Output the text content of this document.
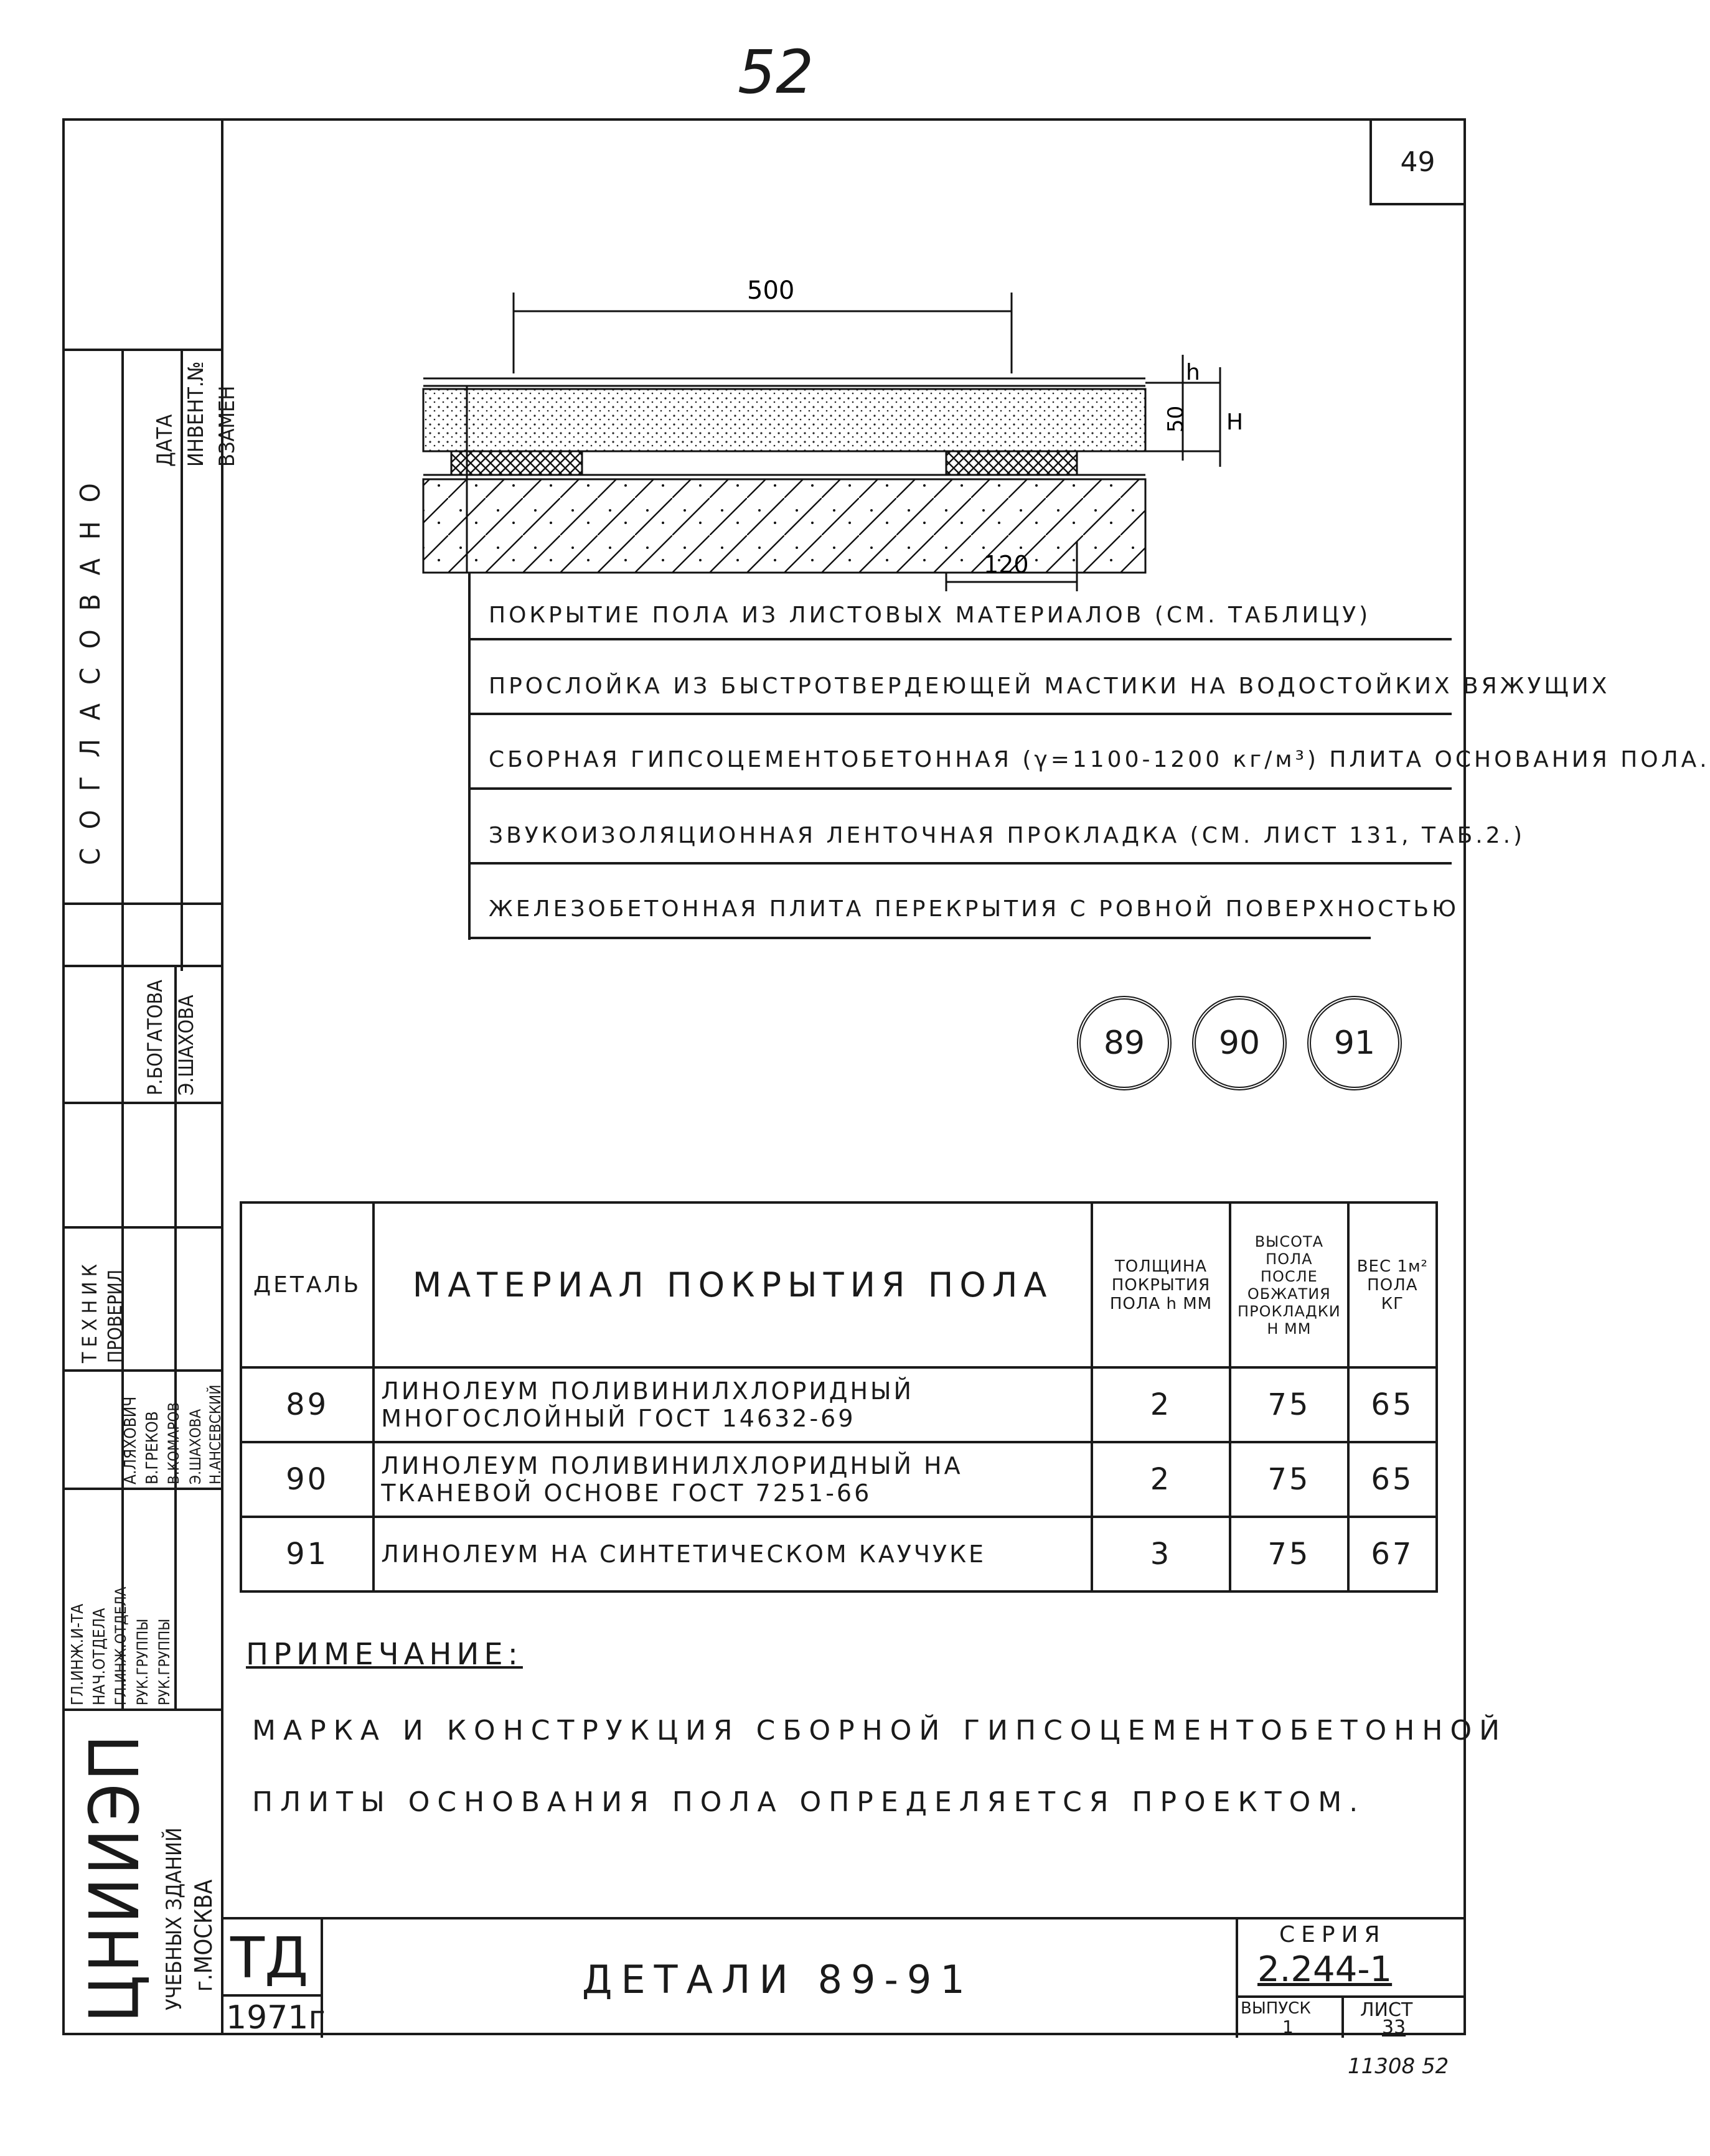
52
49
ДАТА ИНВЕНТ.№ ВЗАМЕН
СОГЛАСОВАНО
Р.БОГАТОВА Э.ШАХОВА
ТЕХНИК ПРОВЕРИЛ
ГЛ.ИНЖ.И-ТА НАЧ.ОТДЕЛА ГЛ.ИНЖ.ОТДЕЛА РУК.ГРУППЫ РУК.ГРУППЫ
А.ЛЯХОВИЧ В.ГРЕКОВ В.КОМАРОВ Э.ШАХОВА Н.АНСЕВСКИЙ
ЦНИИЭП УЧЕБНЫХ ЗДАНИЙ г.МОСКВА
500
50
h
H
120
ПОКРЫТИЕ ПОЛА ИЗ ЛИСТОВЫХ МАТЕРИАЛОВ (СМ. ТАБЛИЦУ)
ПРОСЛОЙКА ИЗ БЫСТРОТВЕРДЕЮЩЕЙ МАСТИКИ НА ВОДОСТОЙКИХ ВЯЖУЩИХ
СБОРНАЯ ГИПСОЦЕМЕНТОБЕТОННАЯ (γ=1100-1200 кг/м³) ПЛИТА ОСНОВАНИЯ ПОЛА.
ЗВУКОИЗОЛЯЦИОННАЯ ЛЕНТОЧНАЯ ПРОКЛАДКА (СМ. ЛИСТ 131, ТАБ.2.)
ЖЕЛЕЗОБЕТОННАЯ ПЛИТА ПЕРЕКРЫТИЯ С РОВНОЙ ПОВЕРХНОСТЬЮ
89	90	91
ДЕТАЛЬ	МАТЕРИАЛ ПОКРЫТИЯ ПОЛА	ТОЛЩИНА ПОКРЫТИЯ ПОЛА h ММ	ВЫСОТА ПОЛА ПОСЛЕ ОБЖАТИЯ ПРОКЛАДКИ H ММ	ВЕС 1м² ПОЛА КГ
89	ЛИНОЛЕУМ ПОЛИВИНИЛХЛОРИДНЫЙ МНОГОСЛОЙНЫЙ ГОСТ 14632-69	2	75	65
90	ЛИНОЛЕУМ ПОЛИВИНИЛХЛОРИДНЫЙ НА ТКАНЕВОЙ ОСНОВЕ ГОСТ 7251-66	2	75	65
91	ЛИНОЛЕУМ НА СИНТЕТИЧЕСКОМ КАУЧУКЕ	3	75	67
ПРИМЕЧАНИЕ:
МАРКА И КОНСТРУКЦИЯ СБОРНОЙ ГИПСОЦЕМЕНТОБЕТОННОЙ
ПЛИТЫ ОСНОВАНИЯ ПОЛА ОПРЕДЕЛЯЕТСЯ ПРОЕКТОМ.
ТД
1971г
ДЕТАЛИ 89-91
СЕРИЯ
2.244-1
ВЫПУСК
1
ЛИСТ
33
11308 52
